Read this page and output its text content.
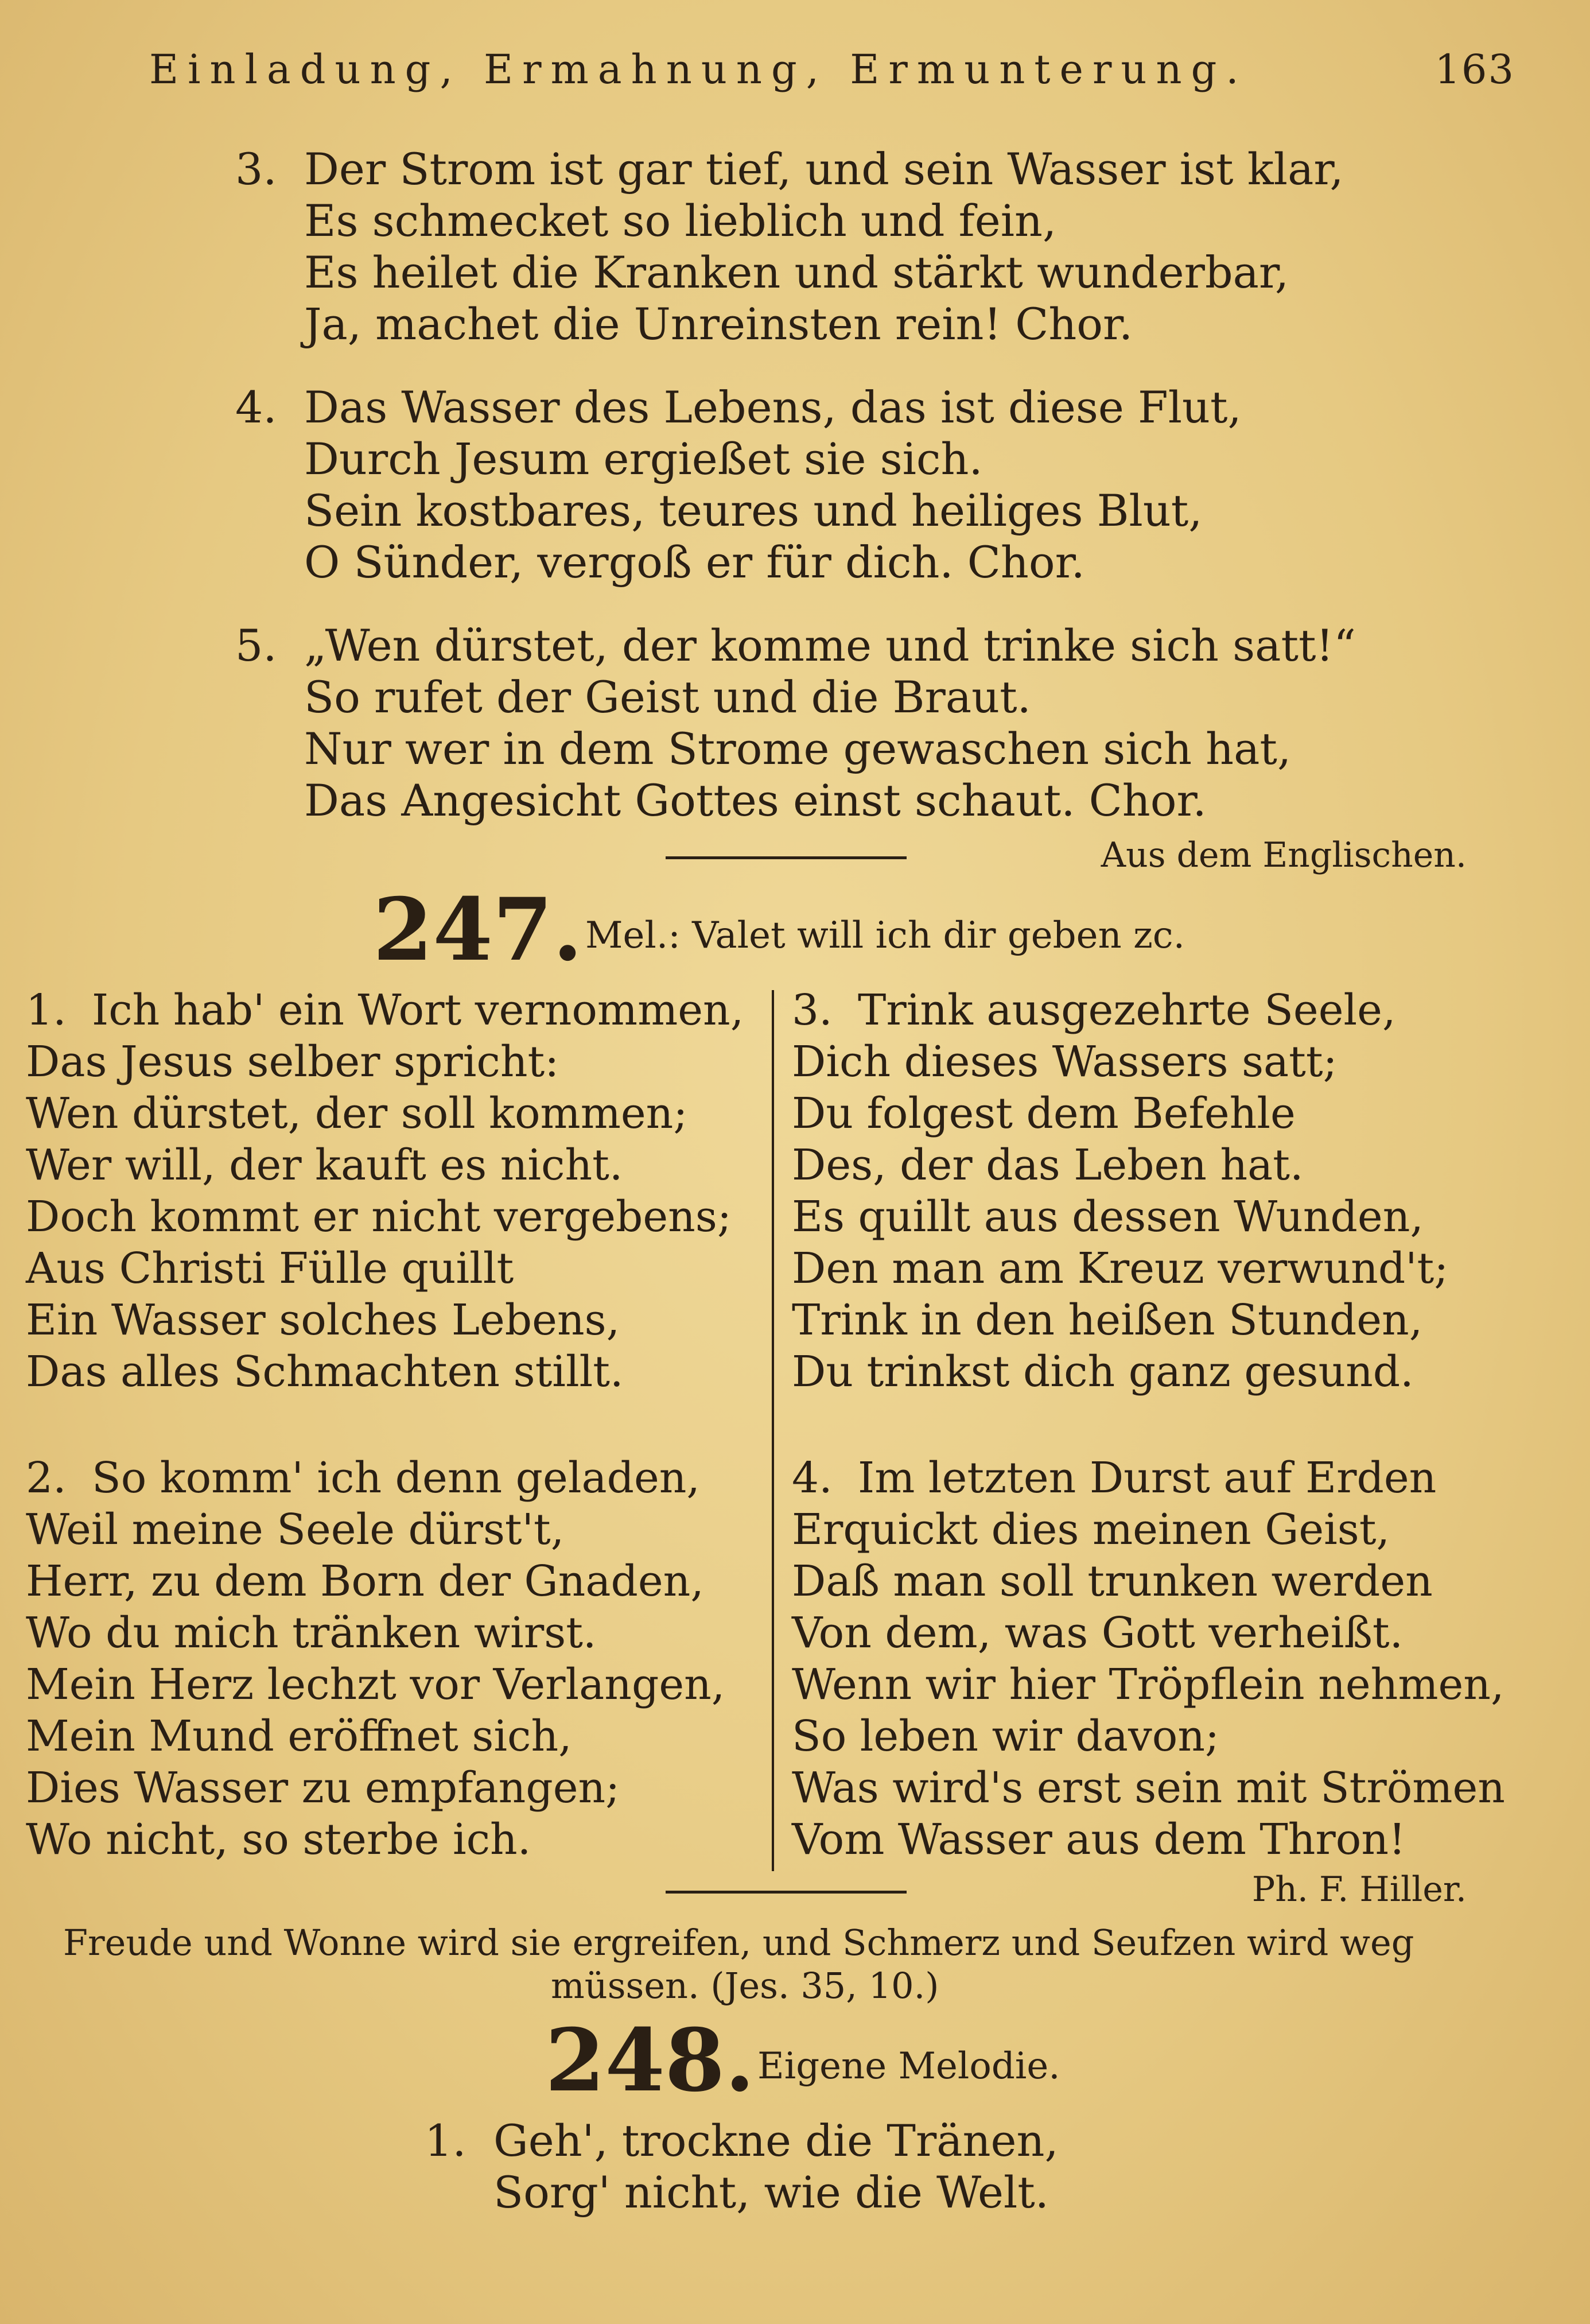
Einladung, Ermahnung, Ermunterung.	163
3. Der Strom ist gar tief, und sein Wasser ist klar,
Es schmecket so lieblich und fein,
Es heilet die Kranken und stärkt wunderbar,
Ja, machet die Unreinsten rein! Chor.
4. Das Wasser des Lebens, das ist diese Flut,
Durch Jesum ergießet sie sich.
Sein kostbares, teures und heiliges Blut,
O Sünder, vergoß er für dich. Chor.
5. „Wen dürstet, der komme und trinke sich satt!“
So rufet der Geist und die Braut.
Nur wer in dem Strome gewaschen sich hat,
Das Angesicht Gottes einst schaut. Chor.
Aus dem Englischen.
247. Mel.: Valet will ich dir geben zc.
1. Ich hab' ein Wort vernommen,
Das Jesus selber spricht:
Wen dürstet, der soll kommen;
Wer will, der kauft es nicht.
Doch kommt er nicht vergebens;
Aus Christi Fülle quillt
Ein Wasser solches Lebens,
Das alles Schmachten stillt.
2. So komm' ich denn geladen,
Weil meine Seele dürst't,
Herr, zu dem Born der Gnaden,
Wo du mich tränken wirst.
Mein Herz lechzt vor Verlangen,
Mein Mund eröffnet sich,
Dies Wasser zu empfangen;
Wo nicht, so sterbe ich.
3. Trink ausgezehrte Seele,
Dich dieses Wassers satt;
Du folgest dem Befehle
Des, der das Leben hat.
Es quillt aus dessen Wunden,
Den man am Kreuz verwund't;
Trink in den heißen Stunden,
Du trinkst dich ganz gesund.
4. Im letzten Durst auf Erden
Erquickt dies meinen Geist,
Daß man soll trunken werden
Von dem, was Gott verheißt.
Wenn wir hier Tröpflein nehmen,
So leben wir davon;
Was wird's erst sein mit Strömen
Vom Wasser aus dem Thron!
Ph. F. Hiller.
Freude und Wonne wird sie ergreifen, und Schmerz und Seufzen wird weg
müssen. (Jes. 35, 10.)
248. Eigene Melodie.
1. Geh', trockne die Tränen,
Sorg' nicht, wie die Welt.
